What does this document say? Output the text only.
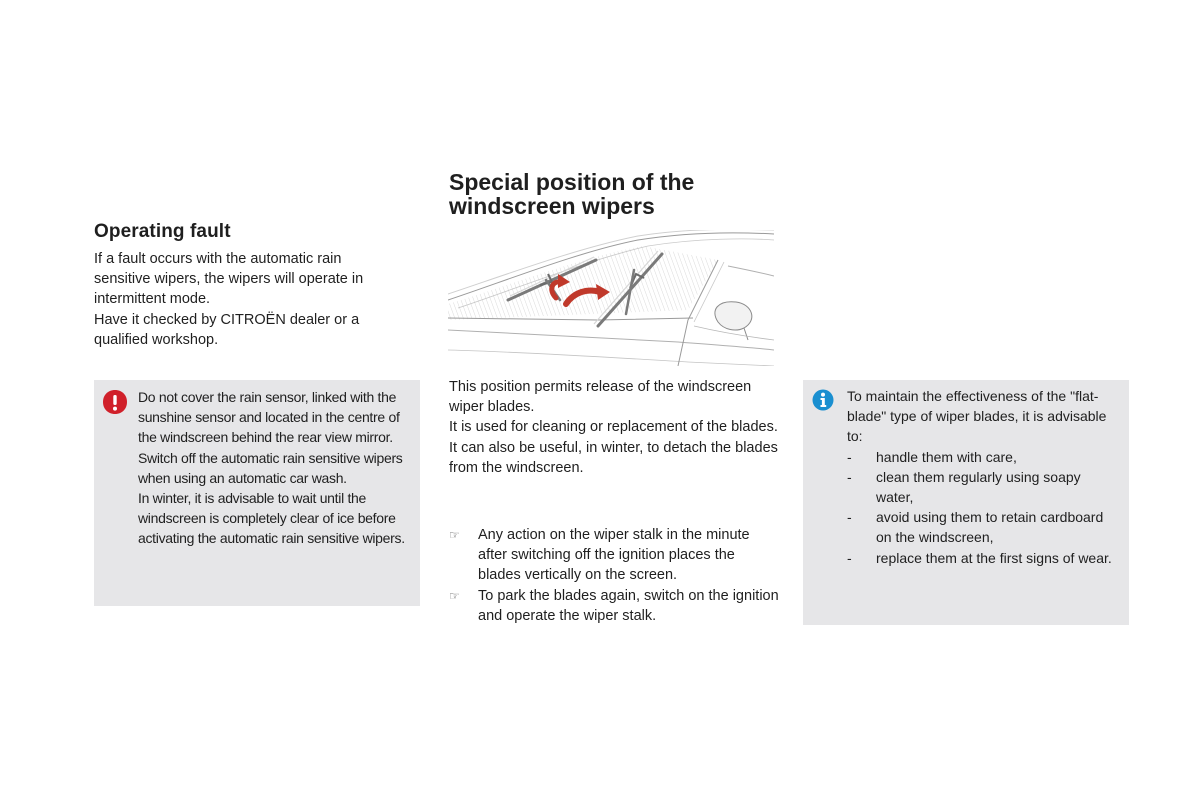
Operating fault

If a fault occurs with the automatic rain sensitive wipers, the wipers will operate in intermittent mode.

Have it checked by CITROËN dealer or a qualified workshop.

Do not cover the rain sensor, linked with the sunshine sensor and located in the centre of the windscreen behind the rear view mirror.

Switch off the automatic rain sensitive wipers when using an automatic car wash.

In winter, it is advisable to wait until the windscreen is completely clear of ice before activating the automatic rain sensitive wipers.

Special position of the
windscreen wipers

This position permits release of the windscreen wiper blades.

It is used for cleaning or replacement of the blades. It can also be useful, in winter, to detach the blades from the windscreen.

☞ Any action on the wiper stalk in the minute after switching off the ignition places the blades vertically on the screen.
☞ To park the blades again, switch on the ignition and operate the wiper stalk.

To maintain the effectiveness of the "flat-blade" type of wiper blades, it is advisable to:

- handle them with care,
- clean them regularly using soapy water,
- avoid using them to retain cardboard on the windscreen,
- replace them at the first signs of wear.
